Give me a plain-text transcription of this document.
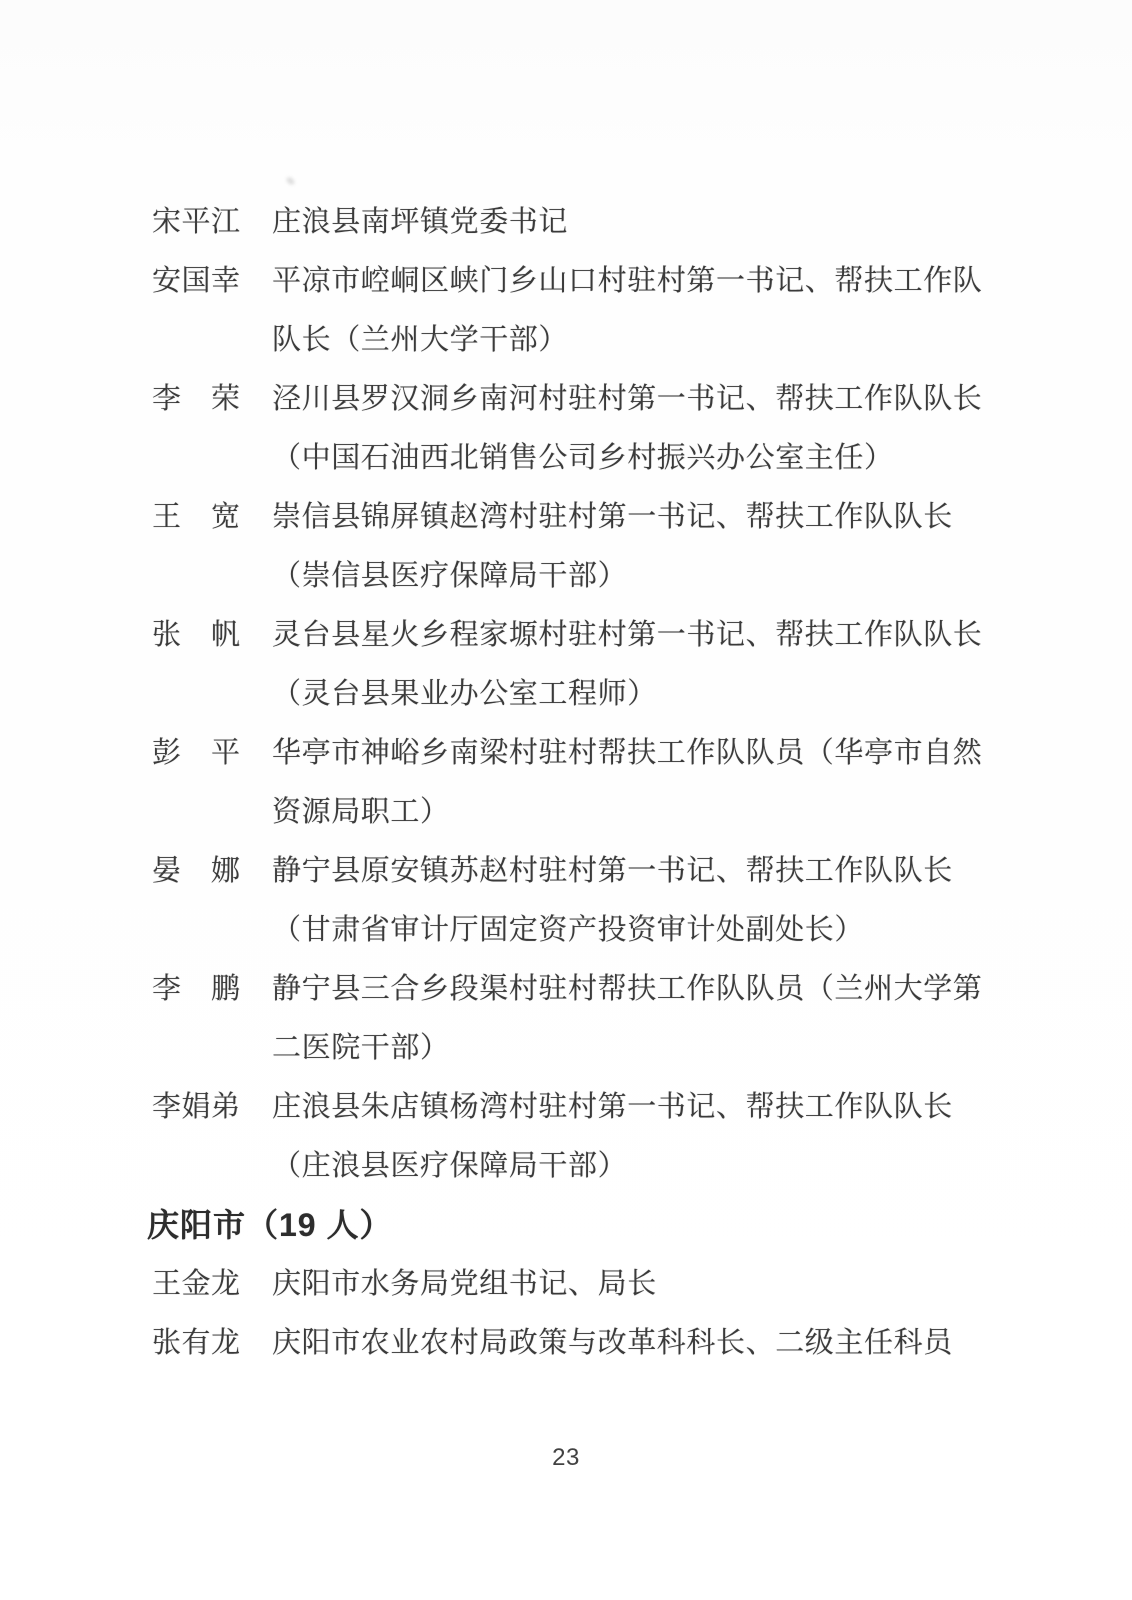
宋平江	庄浪县南坪镇党委书记
安国幸	平凉市崆峒区峡门乡山口村驻村第一书记、帮扶工作队
队长（兰州大学干部）
李　荣	泾川县罗汉洞乡南河村驻村第一书记、帮扶工作队队长
（中国石油西北销售公司乡村振兴办公室主任）
王　宽	崇信县锦屏镇赵湾村驻村第一书记、帮扶工作队队长
（崇信县医疗保障局干部）
张　帆	灵台县星火乡程家塬村驻村第一书记、帮扶工作队队长
（灵台县果业办公室工程师）
彭　平	华亭市神峪乡南梁村驻村帮扶工作队队员（华亭市自然
资源局职工）
晏　娜	静宁县原安镇苏赵村驻村第一书记、帮扶工作队队长
（甘肃省审计厅固定资产投资审计处副处长）
李　鹏	静宁县三合乡段渠村驻村帮扶工作队队员（兰州大学第
二医院干部）
李娟弟	庄浪县朱店镇杨湾村驻村第一书记、帮扶工作队队长
（庄浪县医疗保障局干部）
庆阳市（19 人）
王金龙	庆阳市水务局党组书记、局长
张有龙	庆阳市农业农村局政策与改革科科长、二级主任科员
23
